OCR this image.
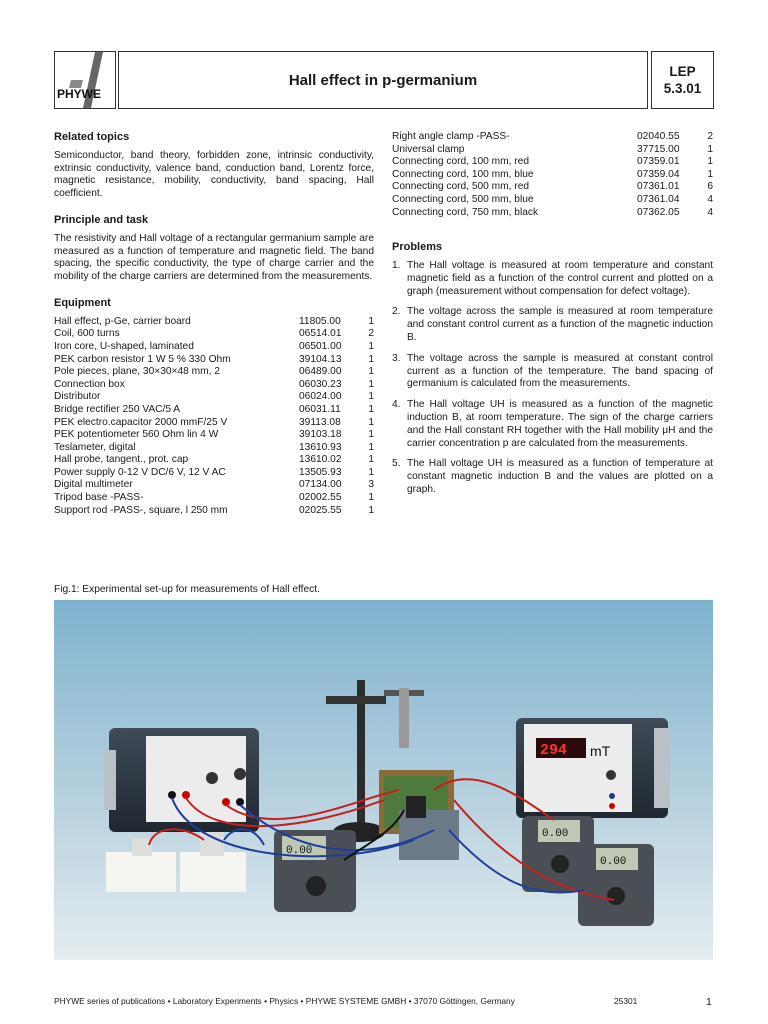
PHYWE
Hall effect in p-germanium	LEP
5.3.01
Related topics

Semiconductor, band theory, forbidden zone, intrinsic conductivity, extrinsic conductivity, valence band, conduction band, Lorentz force, magnetic resistance, mobility, conductivity, band spacing, Hall coefficient.

Principle and task

The resistivity and Hall voltage of a rectangular germanium sample are measured as a function of temperature and magnetic field. The band spacing, the specific conductivity, the type of charge carrier and the mobility of the charge carriers are determined from the measurements.

Equipment
Hall effect, p-Ge, carrier board	11805.00	1
Coil, 600 turns	06514.01	2
Iron core, U-shaped, laminated	06501.00	1
PEK carbon resistor 1 W 5 % 330 Ohm	39104.13	1
Pole pieces, plane, 30×30×48 mm, 2	06489.00	1
Connection box	06030.23	1
Distributor	06024.00	1
Bridge rectifier 250 VAC/5 A	06031.11	1
PEK electro.capacitor 2000 mmF/25 V	39113.08	1
PEK potentiometer 560 Ohm lin 4 W	39103.18	1
Teslameter, digital	13610.93	1
Hall probe, tangent., prot. cap	13610.02	1
Power supply 0-12 V DC/6 V, 12 V AC	13505.93	1
Digital multimeter	07134.00	3
Tripod base -PASS-	02002.55	1
Support rod -PASS-, square, l 250 mm	02025.55	1
Right angle clamp -PASS-	02040.55	2
Universal clamp	37715.00	1
Connecting cord, 100 mm, red	07359.01	1
Connecting cord, 100 mm, blue	07359.04	1
Connecting cord, 500 mm, red	07361.01	6
Connecting cord, 500 mm, blue	07361.04	4
Connecting cord, 750 mm, black	07362.05	4
Problems
1. The Hall voltage is measured at room temperature and constant magnetic field as a function of the control current and plotted on a graph (measurement without compensation for defect voltage).
2. The voltage across the sample is measured at room temperature and constant control current as a function of the magnetic induction B.
3. The voltage across the sample is measured at constant control current as a function of the temperature. The band spacing of germanium is calculated from the measurements.
4. The Hall voltage UH is measured as a function of the magnetic induction B, at room temperature. The sign of the charge carriers and the Hall constant RH together with the Hall mobility μH and the carrier concentration p are calculated from the measurements.
5. The Hall voltage UH is measured as a function of temperature at constant magnetic induction B and the values are plotted on a graph.
Fig.1: Experimental set-up for measurements of Hall effect.
294 mT
0.00
0.00
0.00
PHYWE series of publications • Laboratory Experiments • Physics • PHYWE SYSTEME GMBH • 37070 Göttingen, Germany	25301	1
